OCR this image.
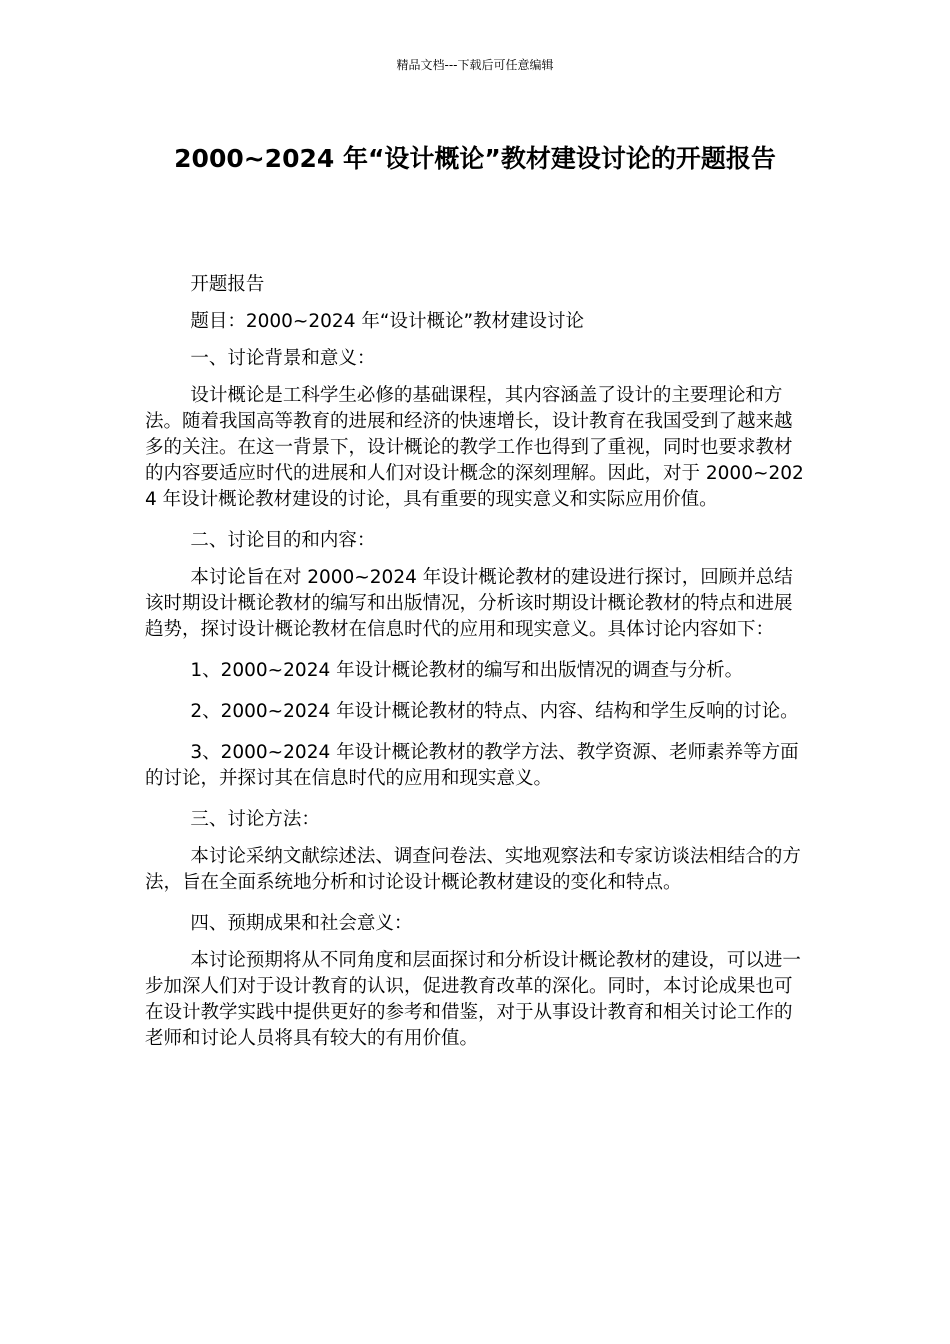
精品文档---下载后可任意编辑
2000~2024 年“设计概论”教材建设讨论的开题报告

开题报告

题目：2000~2024 年“设计概论”教材建设讨论

一、讨论背景和意义：

设计概论是工科学生必修的基础课程，其内容涵盖了设计的主要理论和方法。随着我国高等教育的进展和经济的快速增长，设计教育在我国受到了越来越多的关注。在这一背景下，设计概论的教学工作也得到了重视，同时也要求教材的内容要适应时代的进展和人们对设计概念的深刻理解。因此，对于 2000~2024 年设计概论教材建设的讨论，具有重要的现实意义和实际应用价值。

二、讨论目的和内容：

本讨论旨在对 2000~2024 年设计概论教材的建设进行探讨，回顾并总结该时期设计概论教材的编写和出版情况，分析该时期设计概论教材的特点和进展趋势，探讨设计概论教材在信息时代的应用和现实意义。具体讨论内容如下：

1、2000~2024 年设计概论教材的编写和出版情况的调查与分析。

2、2000~2024 年设计概论教材的特点、内容、结构和学生反响的讨论。

3、2000~2024 年设计概论教材的教学方法、教学资源、老师素养等方面的讨论，并探讨其在信息时代的应用和现实意义。

三、讨论方法：

本讨论采纳文献综述法、调查问卷法、实地观察法和专家访谈法相结合的方法，旨在全面系统地分析和讨论设计概论教材建设的变化和特点。

四、预期成果和社会意义：

本讨论预期将从不同角度和层面探讨和分析设计概论教材的建设，可以进一步加深人们对于设计教育的认识，促进教育改革的深化。同时，本讨论成果也可在设计教学实践中提供更好的参考和借鉴，对于从事设计教育和相关讨论工作的老师和讨论人员将具有较大的有用价值。
